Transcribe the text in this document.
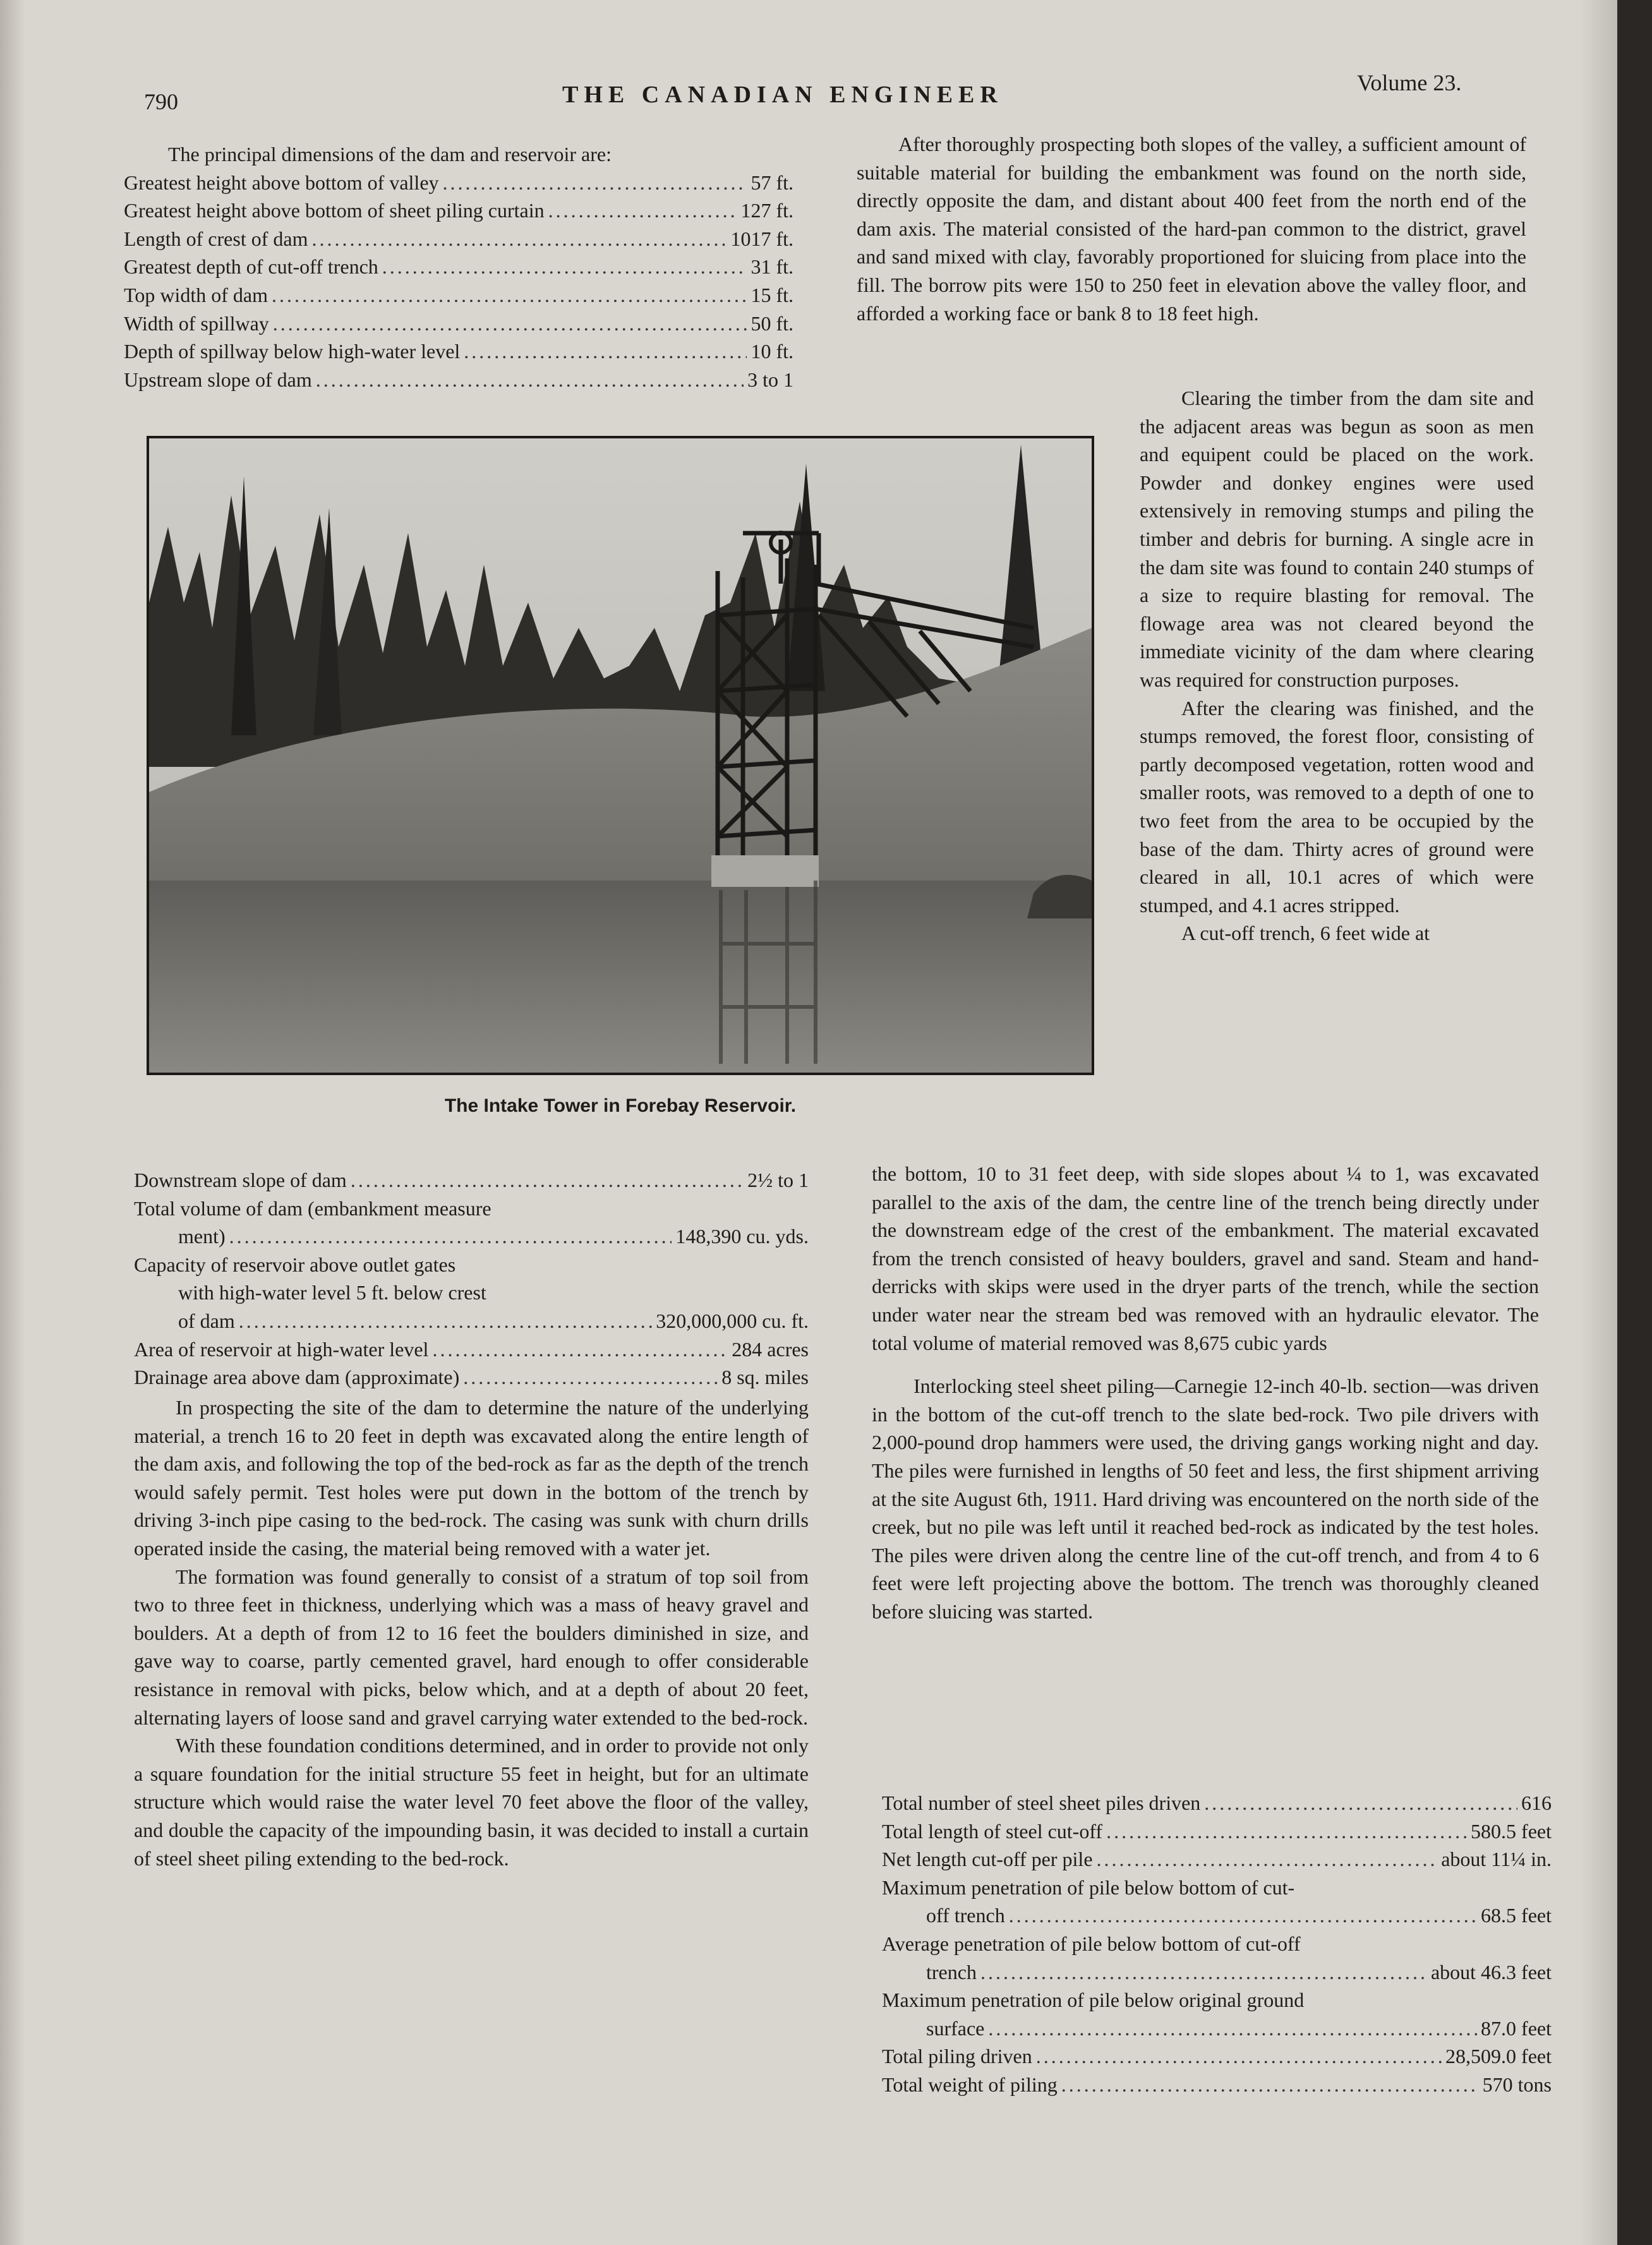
790	THE CANADIAN ENGINEER	Volume 23.

The principal dimensions of the dam and reservoir are:

Greatest height above bottom of valley .....	57 ft.
Greatest height above bottom of sheet piling curtain .....	127 ft.
Length of crest of dam .....	1017 ft.
Greatest depth of cut-off trench .....	31 ft.
Top width of dam .....	15 ft.
Width of spillway .....	50 ft.
Depth of spillway below high-water level .....	10 ft.
Upstream slope of dam .....	3 to 1

After thoroughly prospecting both slopes of the valley, a sufficient amount of suitable material for building the embankment was found on the north side, directly opposite the dam, and distant about 400 feet from the north end of the dam axis. The material consisted of the hard-pan common to the district, gravel and sand mixed with clay, favorably proportioned for sluicing from place into the fill. The borrow pits were 150 to 250 feet in elevation above the valley floor, and afforded a working face or bank 8 to 18 feet high.

Clearing the timber from the dam site and the adjacent areas was begun as soon as men and equipent could be placed on the work. Powder and donkey engines were used extensively in removing stumps and piling the timber and debris for burning. A single acre in the dam site was found to contain 240 stumps of a size to require blasting for removal. The flowage area was not cleared beyond the immediate vicinity of the dam where clearing was required for construction purposes.

After the clearing was finished, and the stumps removed, the forest floor, consisting of partly decomposed vegetation, rotten wood and smaller roots, was removed to a depth of one to two feet from the area to be occupied by the base of the dam. Thirty acres of ground were cleared in all, 10.1 acres of which were stumped, and 4.1 acres stripped.

A cut-off trench, 6 feet wide at

The Intake Tower in Forebay Reservoir.
Downstream slope of dam .....	2½ to 1
Total volume of dam (embankment measure
ment) .....	148,390 cu. yds.
Capacity of reservoir above outlet gates
with high-water level 5 ft. below crest
of dam .....	320,000,000 cu. ft.
Area of reservoir at high-water level .....	284 acres
Drainage area above dam (approximate) .....	8 sq. miles

In prospecting the site of the dam to determine the nature of the underlying material, a trench 16 to 20 feet in depth was excavated along the entire length of the dam axis, and following the top of the bed-rock as far as the depth of the trench would safely permit. Test holes were put down in the bottom of the trench by driving 3-inch pipe casing to the bed-rock. The casing was sunk with churn drills operated inside the casing, the material being removed with a water jet.

The formation was found generally to consist of a stratum of top soil from two to three feet in thickness, underlying which was a mass of heavy gravel and boulders. At a depth of from 12 to 16 feet the boulders diminished in size, and gave way to coarse, partly cemented gravel, hard enough to offer considerable resistance in removal with picks, below which, and at a depth of about 20 feet, alternating layers of loose sand and gravel carrying water extended to the bed-rock.

With these foundation conditions determined, and in order to provide not only a square foundation for the initial structure 55 feet in height, but for an ultimate structure which would raise the water level 70 feet above the floor of the valley, and double the capacity of the impounding basin, it was decided to install a curtain of steel sheet piling extending to the bed-rock.

the bottom, 10 to 31 feet deep, with side slopes about ¼ to 1, was excavated parallel to the axis of the dam, the centre line of the trench being directly under the downstream edge of the crest of the embankment. The material excavated from the trench consisted of heavy boulders, gravel and sand. Steam and hand-derricks with skips were used in the dryer parts of the trench, while the section under water near the stream bed was removed with an hydraulic elevator. The total volume of material removed was 8,675 cubic yards

Interlocking steel sheet piling—Carnegie 12-inch 40-lb. section—was driven in the bottom of the cut-off trench to the slate bed-rock. Two pile drivers with 2,000-pound drop hammers were used, the driving gangs working night and day. The piles were furnished in lengths of 50 feet and less, the first shipment arriving at the site August 6th, 1911. Hard driving was encountered on the north side of the creek, but no pile was left until it reached bed-rock as indicated by the test holes. The piles were driven along the centre line of the cut-off trench, and from 4 to 6 feet were left projecting above the bottom. The trench was thoroughly cleaned before sluicing was started.

Total number of steel sheet piles driven .....	616
Total length of steel cut-off .....	580.5 feet
Net length cut-off per pile .....	about 11¼ in.
Maximum penetration of pile below bottom of cut-
off trench .....	68.5 feet
Average penetration of pile below bottom of cut-off
trench .....	about 46.3 feet
Maximum penetration of pile below original ground
surface .....	87.0 feet
Total piling driven .....	28,509.0 feet
Total weight of piling .....	570 tons
